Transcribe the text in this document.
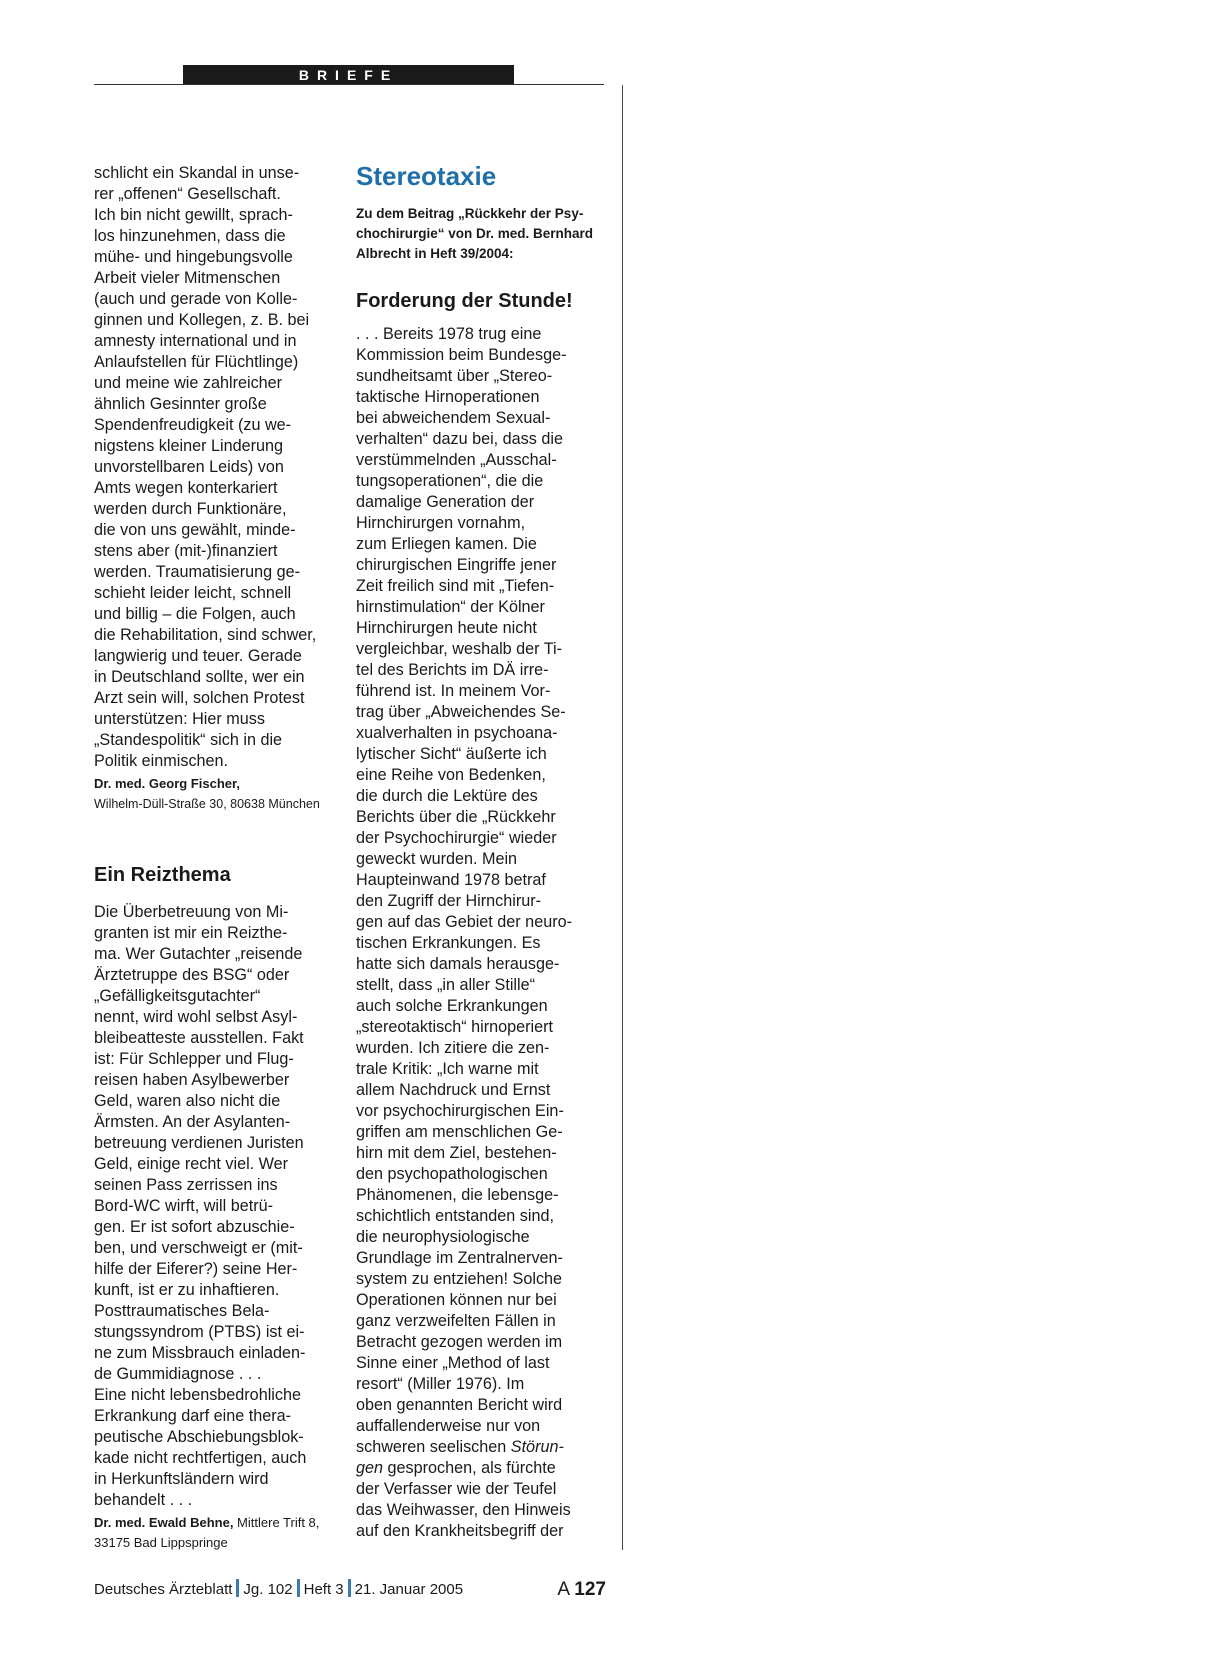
BRIEFE

schlicht ein Skandal in unse-

rer „offenen“ Gesellschaft.

Ich bin nicht gewillt, sprach-

los hinzunehmen, dass die

mühe- und hingebungsvolle

Arbeit vieler Mitmenschen

(auch und gerade von Kolle-

ginnen und Kollegen, z. B. bei

amnesty international und in

Anlaufstellen für Flüchtlinge)

und meine wie zahlreicher

ähnlich Gesinnter große

Spendenfreudigkeit (zu we-

nigstens kleiner Linderung

unvorstellbaren Leids) von

Amts wegen konterkariert

werden durch Funktionäre,

die von uns gewählt, minde-

stens aber (mit-)finanziert

werden. Traumatisierung ge-

schieht leider leicht, schnell

und billig – die Folgen, auch

die Rehabilitation, sind schwer,

langwierig und teuer. Gerade

in Deutschland sollte, wer ein

Arzt sein will, solchen Protest

unterstützen: Hier muss

„Standespolitik“ sich in die

Politik einmischen.

Dr. med. Georg Fischer,
Wilhelm-Düll-Straße 30, 80638 München
Ein Reizthema

Die Überbetreuung von Mi-

granten ist mir ein Reizthe-

ma. Wer Gutachter „reisende

Ärztetruppe des BSG“ oder

„Gefälligkeitsgutachter“

nennt, wird wohl selbst Asyl-

bleibeatteste ausstellen. Fakt

ist: Für Schlepper und Flug-

reisen haben Asylbewerber

Geld, waren also nicht die

Ärmsten. An der Asylanten-

betreuung verdienen Juristen

Geld, einige recht viel. Wer

seinen Pass zerrissen ins

Bord-WC wirft, will betrü-

gen. Er ist sofort abzuschie-

ben, und verschweigt er (mit-

hilfe der Eiferer?) seine Her-

kunft, ist er zu inhaftieren.

Posttraumatisches Bela-

stungssyndrom (PTBS) ist ei-

ne zum Missbrauch einladen-

de Gummidiagnose . . .

Eine nicht lebensbedrohliche

Erkrankung darf eine thera-

peutische Abschiebungsblok-

kade nicht rechtfertigen, auch

in Herkunftsländern wird

behandelt . . .

Dr. med. Ewald Behne, Mittlere Trift 8,
33175 Bad Lippspringe
Stereotaxie

Zu dem Beitrag „Rückkehr der Psy-

chochirurgie“ von Dr. med. Bernhard

Albrecht in Heft 39/2004:

Forderung der Stunde!

. . . Bereits 1978 trug eine

Kommission beim Bundesge-

sundheitsamt über „Stereo-

taktische Hirnoperationen

bei abweichendem Sexual-

verhalten“ dazu bei, dass die

verstümmelnden „Ausschal-

tungsoperationen“, die die

damalige Generation der

Hirnchirurgen vornahm,

zum Erliegen kamen. Die

chirurgischen Eingriffe jener

Zeit freilich sind mit „Tiefen-

hirnstimulation“ der Kölner

Hirnchirurgen heute nicht

vergleichbar, weshalb der Ti-

tel des Berichts im DÄ irre-

führend ist. In meinem Vor-

trag über „Abweichendes Se-

xualverhalten in psychoana-

lytischer Sicht“ äußerte ich

eine Reihe von Bedenken,

die durch die Lektüre des

Berichts über die „Rückkehr

der Psychochirurgie“ wieder

geweckt wurden. Mein

Haupteinwand 1978 betraf

den Zugriff der Hirnchirur-

gen auf das Gebiet der neuro-

tischen Erkrankungen. Es

hatte sich damals herausge-

stellt, dass „in aller Stille“

auch solche Erkrankungen

„stereotaktisch“ hirnoperiert

wurden. Ich zitiere die zen-

trale Kritik: „Ich warne mit

allem Nachdruck und Ernst

vor psychochirurgischen Ein-

griffen am menschlichen Ge-

hirn mit dem Ziel, bestehen-

den psychopathologischen

Phänomenen, die lebensge-

schichtlich entstanden sind,

die neurophysiologische

Grundlage im Zentralnerven-

system zu entziehen! Solche

Operationen können nur bei

ganz verzweifelten Fällen in

Betracht gezogen werden im

Sinne einer „Method of last

resort“ (Miller 1976). Im

oben genannten Bericht wird

auffallenderweise nur von

schweren seelischen Störun-

gen gesprochen, als fürchte

der Verfasser wie der Teufel

das Weihwasser, den Hinweis

auf den Krankheitsbegriff der

Deutsches Ärzteblatt Jg. 102 Heft 3 21. Januar 2005	A 127
